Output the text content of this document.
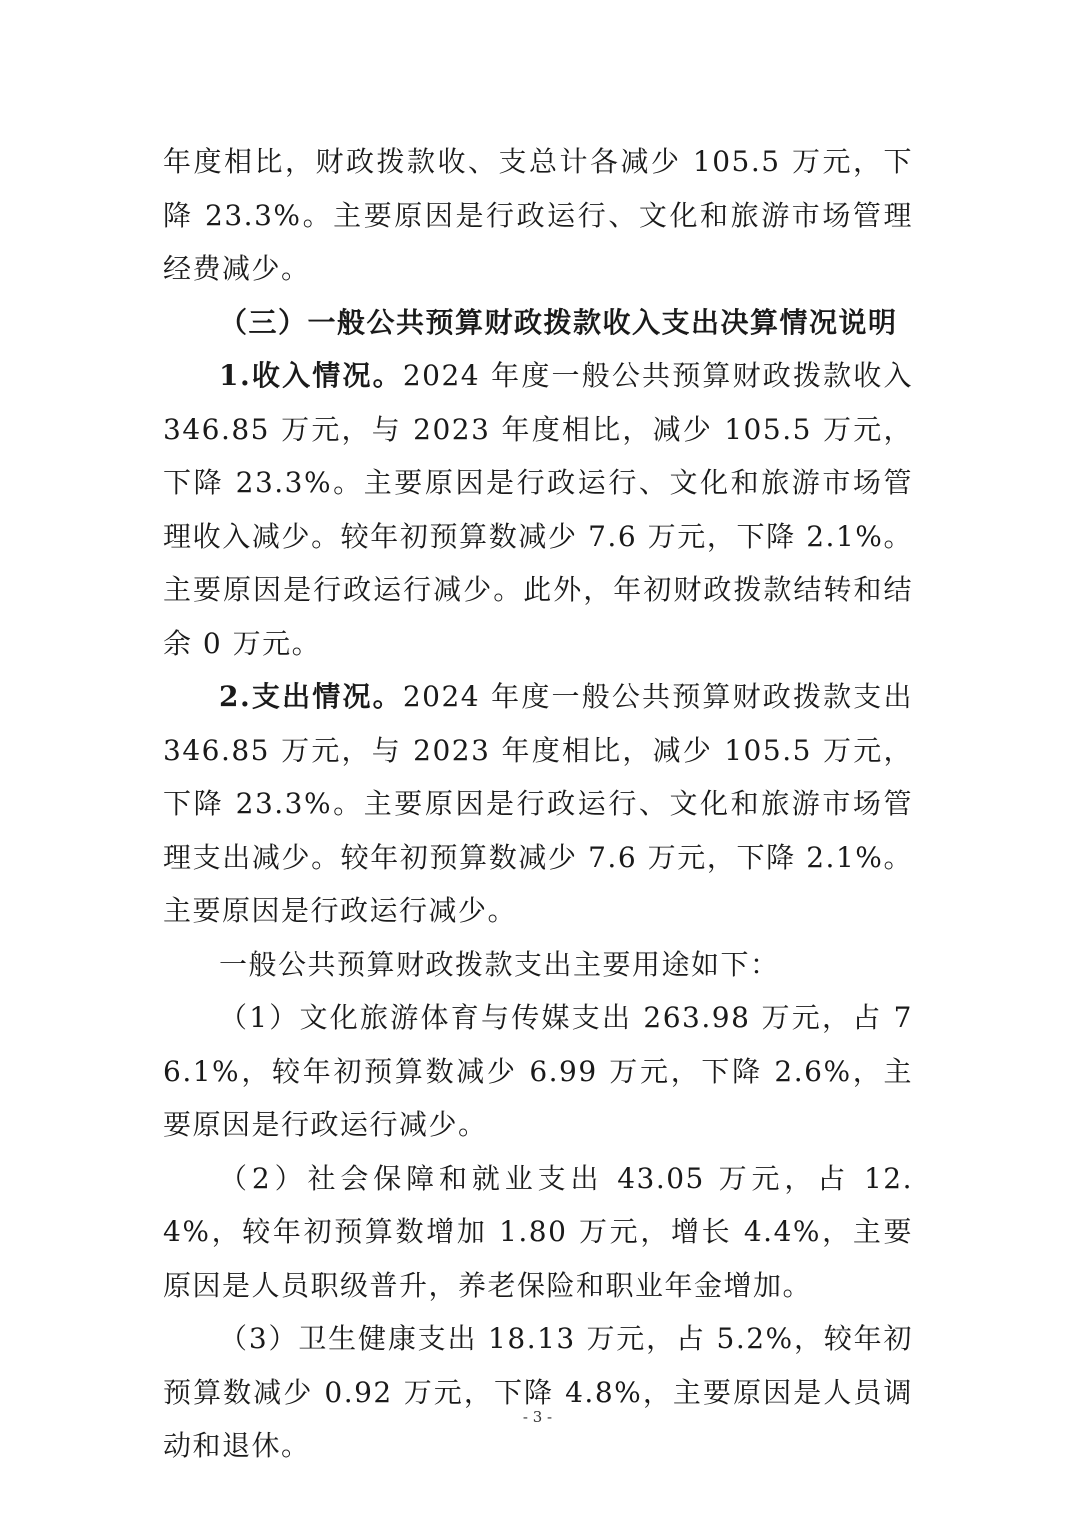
年度相比，财政拨款收、支总计各减少 105.5 万元，下降 23.3%。主要原因是行政运行、文化和旅游市场管理经费减少。

（三）一般公共预算财政拨款收入支出决算情况说明

1.收入情况。2024 年度一般公共预算财政拨款收入 346.85 万元，与 2023 年度相比，减少 105.5 万元，下降 23.3%。主要原因是行政运行、文化和旅游市场管理收入减少。较年初预算数减少 7.6 万元，下降 2.1%。主要原因是行政运行减少。此外，年初财政拨款结转和结余 0 万元。

2.支出情况。2024 年度一般公共预算财政拨款支出 346.85 万元，与 2023 年度相比，减少 105.5 万元，下降 23.3%。主要原因是行政运行、文化和旅游市场管理支出减少。较年初预算数减少 7.6 万元，下降 2.1%。主要原因是行政运行减少。

一般公共预算财政拨款支出主要用途如下：

（1）文化旅游体育与传媒支出 263.98 万元，占 76.1%，较年初预算数减少 6.99 万元，下降 2.6%，主要原因是行政运行减少。

（2）社会保障和就业支出 43.05 万元，占 12.4%，较年初预算数增加 1.80 万元，增长 4.4%，主要原因是人员职级普升，养老保险和职业年金增加。

（3）卫生健康支出 18.13 万元，占 5.2%，较年初预算数减少 0.92 万元，下降 4.8%，主要原因是人员调动和退休。

- 3 -
